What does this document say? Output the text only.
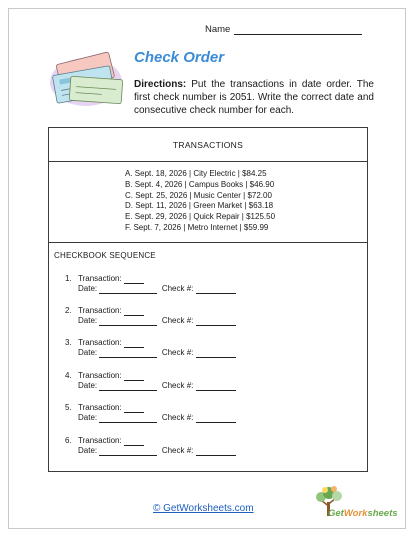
Name
Check Order
Directions: Put the transactions in date order. The first check number is 2051. Write the correct date and consecutive check number for each.
TRANSACTIONS
A. Sept. 18, 2026 | City Electric | $84.25
B. Sept. 4, 2026 | Campus Books | $46.90
C. Sept. 25, 2026 | Music Center | $72.00
D. Sept. 11, 2026 | Green Market | $63.18
E. Sept. 29, 2026 | Quick Repair | $125.50
F. Sept. 7, 2026 | Metro Internet | $59.99
CHECKBOOK SEQUENCE
1. Transaction:
Date:	Check #:
2. Transaction:
Date:	Check #:
3. Transaction:
Date:	Check #:
4. Transaction:
Date:	Check #:
5. Transaction:
Date:	Check #:
6. Transaction:
Date:	Check #:
© GetWorksheets.com	GetWorksheets
